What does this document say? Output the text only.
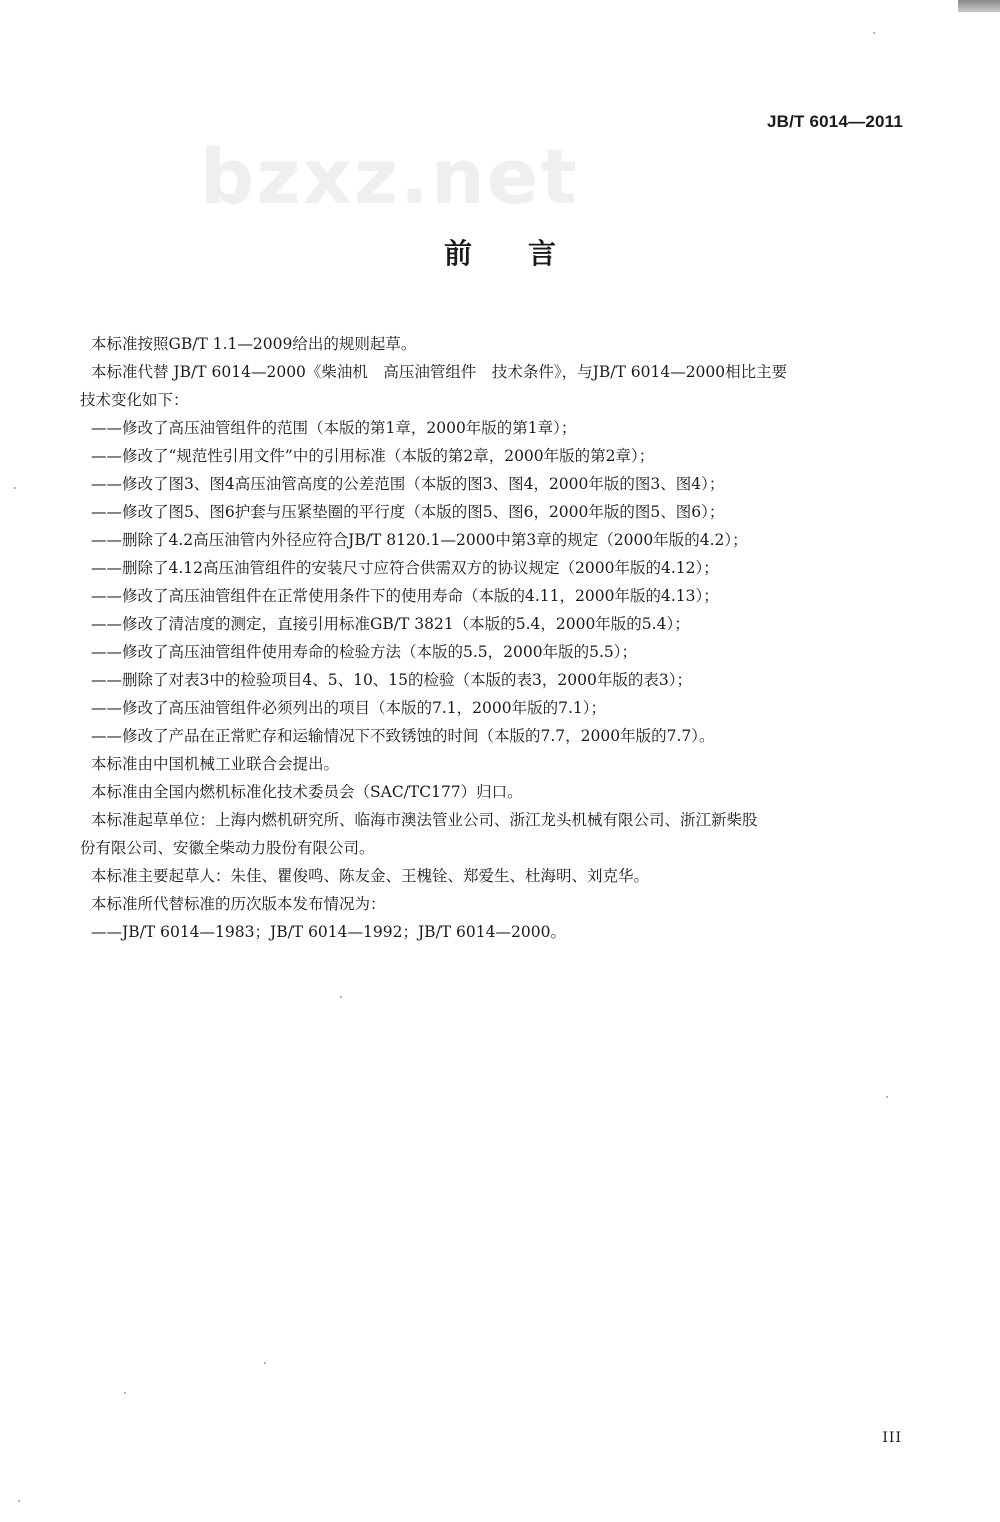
bzxz.net
JB/T 6014—2011
前言

本标准按照GB/T 1.1—2009给出的规则起草。

本标准代替 JB/T 6014—2000《柴油机　高压油管组件　技术条件》，与JB/T 6014—2000相比主要

技术变化如下：

——修改了高压油管组件的范围（本版的第1章，2000年版的第1章）；

——修改了“规范性引用文件”中的引用标准（本版的第2章，2000年版的第2章）；

——修改了图3、图4高压油管高度的公差范围（本版的图3、图4，2000年版的图3、图4）；

——修改了图5、图6护套与压紧垫圈的平行度（本版的图5、图6，2000年版的图5、图6）；

——删除了4.2高压油管内外径应符合JB/T 8120.1—2000中第3章的规定（2000年版的4.2）；

——删除了4.12高压油管组件的安装尺寸应符合供需双方的协议规定（2000年版的4.12）；

——修改了高压油管组件在正常使用条件下的使用寿命（本版的4.11，2000年版的4.13）；

——修改了清洁度的测定，直接引用标准GB/T 3821（本版的5.4，2000年版的5.4）；

——修改了高压油管组件使用寿命的检验方法（本版的5.5，2000年版的5.5）；

——删除了对表3中的检验项目4、5、10、15的检验（本版的表3，2000年版的表3）；

——修改了高压油管组件必须列出的项目（本版的7.1，2000年版的7.1）；

——修改了产品在正常贮存和运输情况下不致锈蚀的时间（本版的7.7，2000年版的7.7）。

本标准由中国机械工业联合会提出。

本标准由全国内燃机标准化技术委员会（SAC/TC177）归口。

本标准起草单位：上海内燃机研究所、临海市澳法管业公司、浙江龙头机械有限公司、浙江新柴股

份有限公司、安徽全柴动力股份有限公司。

本标准主要起草人：朱佳、瞿俊鸣、陈友金、王槐铨、郑爱生、杜海明、刘克华。

本标准所代替标准的历次版本发布情况为：

——JB/T 6014—1983；JB/T 6014—1992；JB/T 6014—2000。

III
